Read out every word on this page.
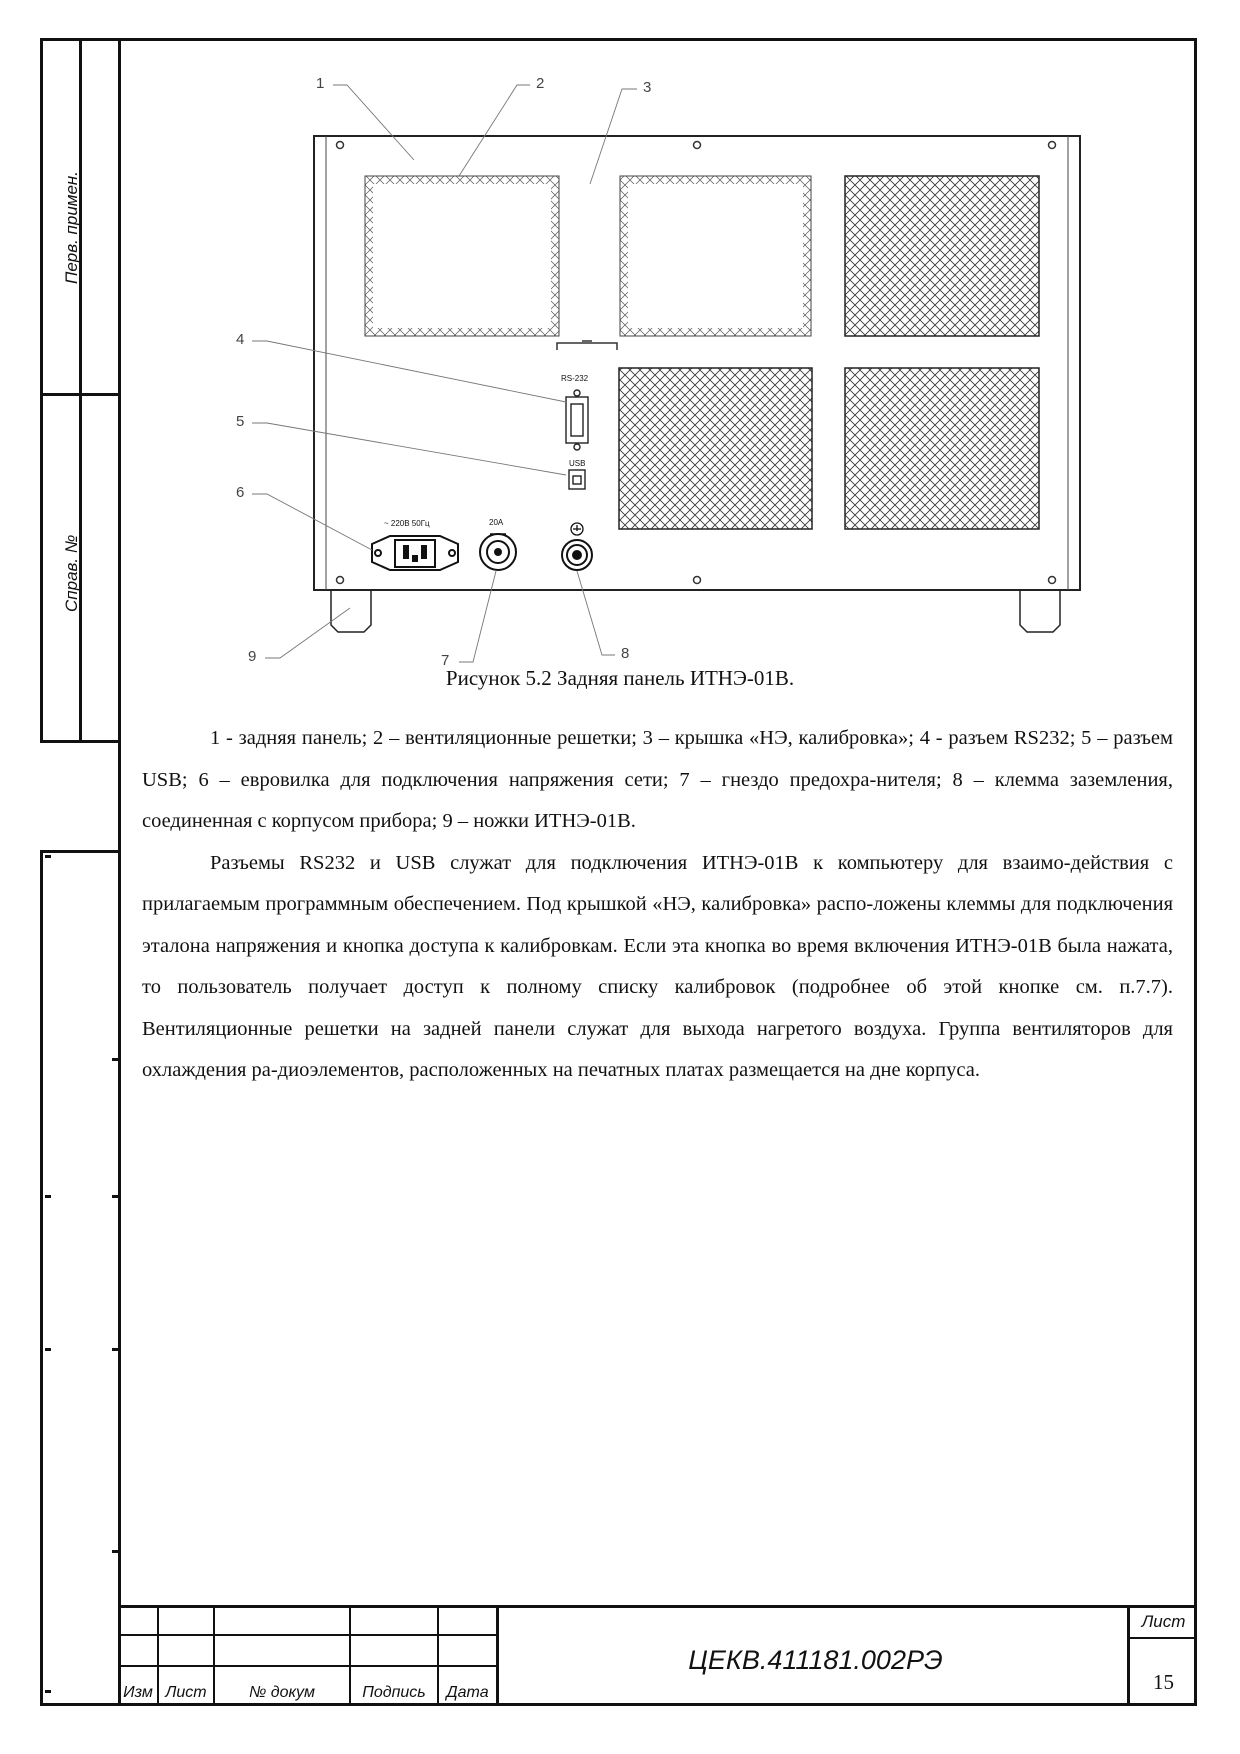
Перв. примен.
Справ. №
1	2	3
4
5
6
7	8
9
RS-232
USB
~ 220В 50Гц	20A
Рисунок 5.2 Задняя панель ИТНЭ-01В.

1 - задняя панель; 2 – вентиляционные решетки; 3 – крышка «НЭ, калибровка»; 4 - разъем RS232; 5 – разъем USB; 6 – евровилка для подключения напряжения сети; 7 – гнездо предохра-нителя; 8 – клемма заземления, соединенная с корпусом прибора; 9 – ножки ИТНЭ-01В.

Разъемы RS232 и USB служат для подключения ИТНЭ-01В к компьютеру для взаимо-действия с прилагаемым программным обеспечением. Под крышкой «НЭ, калибровка» распо-ложены клеммы для подключения эталона напряжения и кнопка доступа к калибровкам. Если эта кнопка во время включения ИТНЭ-01В была нажата, то пользователь получает доступ к полному списку калибровок (подробнее об этой кнопке см. п.7.7). Вентиляционные решетки на задней панели служат для выхода нагретого воздуха. Группа вентиляторов для охлаждения ра-диоэлементов, расположенных на печатных платах размещается на дне корпуса.

Изм Лист	№ докум	Подпись	Дата
ЦЕКВ.411181.002РЭ
Лист
15
